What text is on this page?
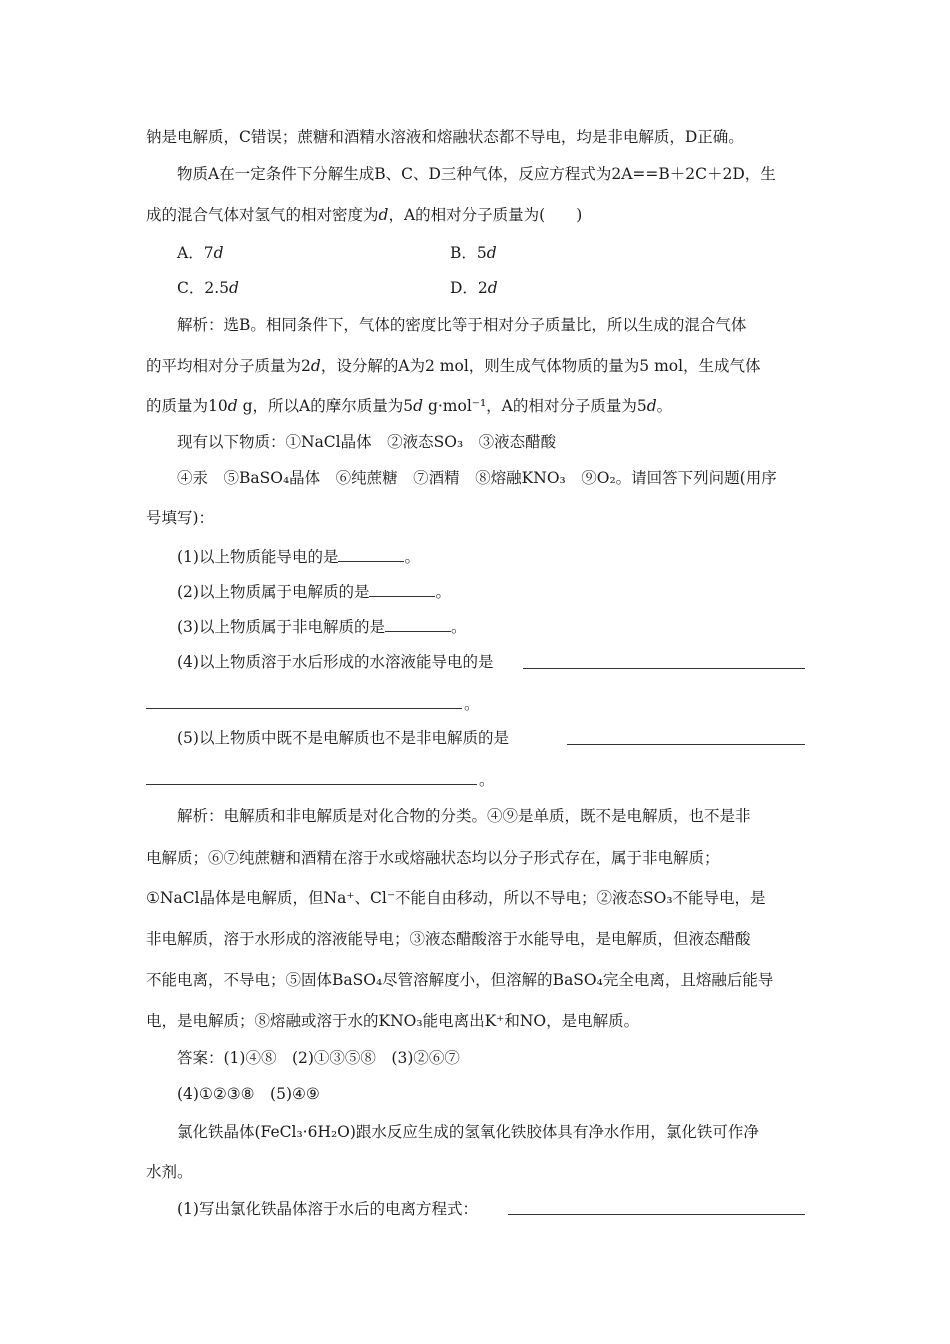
钠是电解质，C错误；蔗糖和酒精水溶液和熔融状态都不导电，均是非电解质，D正确。
物质A在一定条件下分解生成B、C、D三种气体，反应方程式为2A==B＋2C＋2D，生
成的混合气体对氢气的相对密度为d，A的相对分子质量为(　　)
A．7d	B．5d
C．2.5d	D．2d
解析：选B。相同条件下，气体的密度比等于相对分子质量比，所以生成的混合气体
的平均相对分子质量为2d，设分解的A为2 mol，则生成气体物质的量为5 mol，生成气体
的质量为10d g，所以A的摩尔质量为5d g·mol⁻¹，A的相对分子质量为5d。
现有以下物质：①NaCl晶体　②液态SO₃　③液态醋酸
④汞　⑤BaSO₄晶体　⑥纯蔗糖　⑦酒精　⑧熔融KNO₃　⑨O₂。请回答下列问题(用序
号填写)：
(1)以上物质能导电的是	。
(2)以上物质属于电解质的是	。
(3)以上物质属于非电解质的是	。
(4)以上物质溶于水后形成的水溶液能导电的是
。
(5)以上物质中既不是电解质也不是非电解质的是
。
解析：电解质和非电解质是对化合物的分类。④⑨是单质，既不是电解质，也不是非
电解质；⑥⑦纯蔗糖和酒精在溶于水或熔融状态均以分子形式存在，属于非电解质；
①NaCl晶体是电解质，但Na⁺、Cl⁻不能自由移动，所以不导电；②液态SO₃不能导电，是
非电解质，溶于水形成的溶液能导电；③液态醋酸溶于水能导电，是电解质，但液态醋酸
不能电离，不导电；⑤固体BaSO₄尽管溶解度小，但溶解的BaSO₄完全电离，且熔融后能导
电，是电解质；⑧熔融或溶于水的KNO₃能电离出K⁺和NO，是电解质。
答案：(1)④⑧　(2)①③⑤⑧　(3)②⑥⑦
(4)①②③⑧　(5)④⑨
氯化铁晶体(FeCl₃·6H₂O)跟水反应生成的氢氧化铁胶体具有净水作用，氯化铁可作净
水剂。
(1)写出氯化铁晶体溶于水后的电离方程式：
